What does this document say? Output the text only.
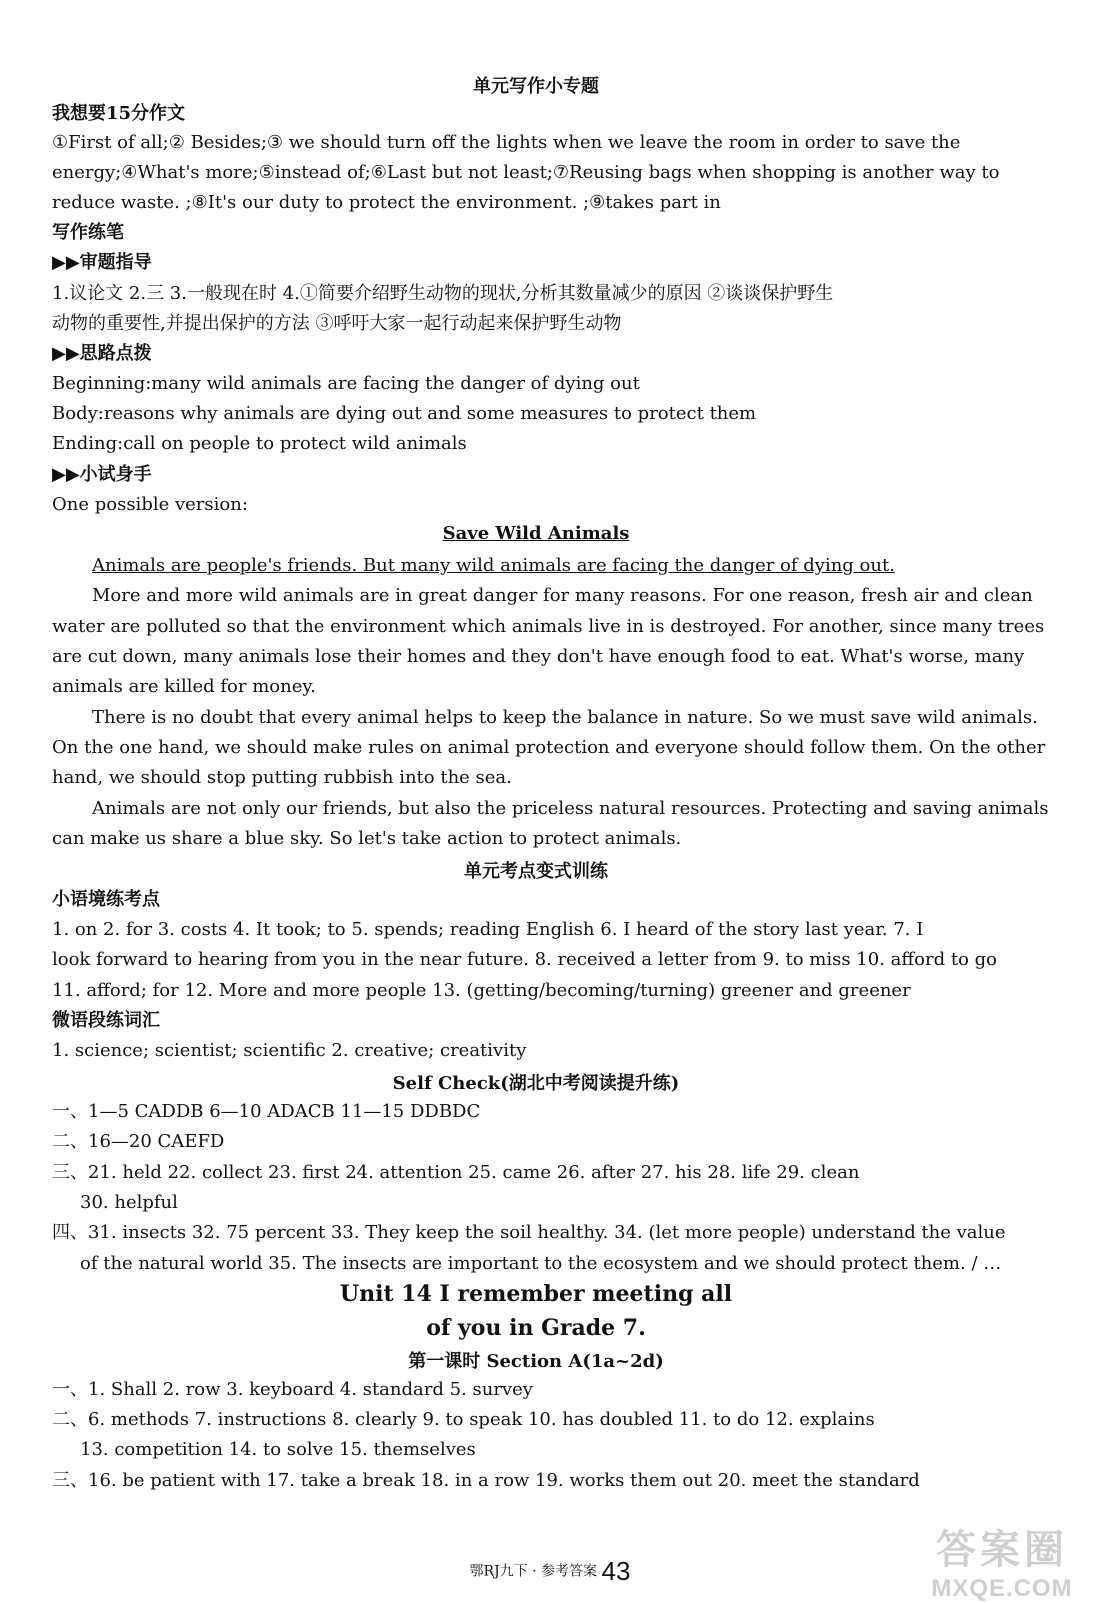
单元写作小专题
我想要15分作文
①First of all;② Besides;③ we should turn off the lights when we leave the room in order to save the
energy;④What's more;⑤instead of;⑥Last but not least;⑦Reusing bags when shopping is another way to
reduce waste. ;⑧It's our duty to protect the environment. ;⑨takes part in
写作练笔
▶▶审题指导
1.议论文 2.三 3.一般现在时 4.①简要介绍野生动物的现状,分析其数量减少的原因 ②谈谈保护野生
动物的重要性,并提出保护的方法 ③呼吁大家一起行动起来保护野生动物
▶▶思路点拨
Beginning:many wild animals are facing the danger of dying out
Body:reasons why animals are dying out and some measures to protect them
Ending:call on people to protect wild animals
▶▶小试身手
One possible version:
Save Wild Animals
Animals are people's friends. But many wild animals are facing the danger of dying out.
More and more wild animals are in great danger for many reasons. For one reason, fresh air and clean
water are polluted so that the environment which animals live in is destroyed. For another, since many trees
are cut down, many animals lose their homes and they don't have enough food to eat. What's worse, many
animals are killed for money.
There is no doubt that every animal helps to keep the balance in nature. So we must save wild animals.
On the one hand, we should make rules on animal protection and everyone should follow them. On the other
hand, we should stop putting rubbish into the sea.
Animals are not only our friends, but also the priceless natural resources. Protecting and saving animals
can make us share a blue sky. So let's take action to protect animals.
单元考点变式训练
小语境练考点
1. on 2. for 3. costs 4. It took; to 5. spends; reading English 6. I heard of the story last year. 7. I
look forward to hearing from you in the near future. 8. received a letter from 9. to miss 10. afford to go
11. afford; for 12. More and more people 13. (getting/becoming/turning) greener and greener
微语段练词汇
1. science; scientist; scientific 2. creative; creativity
Self Check(湖北中考阅读提升练)
一、1—5 CADDB 6—10 ADACB 11—15 DDBDC
二、16—20 CAEFD
三、21. held 22. collect 23. first 24. attention 25. came 26. after 27. his 28. life 29. clean
30. helpful
四、31. insects 32. 75 percent 33. They keep the soil healthy. 34. (let more people) understand the value
of the natural world 35. The insects are important to the ecosystem and we should protect them. / …
Unit 14 I remember meeting all
of you in Grade 7.
第一课时 Section A(1a~2d)
一、1. Shall 2. row 3. keyboard 4. standard 5. survey
二、6. methods 7. instructions 8. clearly 9. to speak 10. has doubled 11. to do 12. explains
13. competition 14. to solve 15. themselves
三、16. be patient with 17. take a break 18. in a row 19. works them out 20. meet the standard
鄂RJ九下 · 参考答案 43	答案圈
MXQE.COM
